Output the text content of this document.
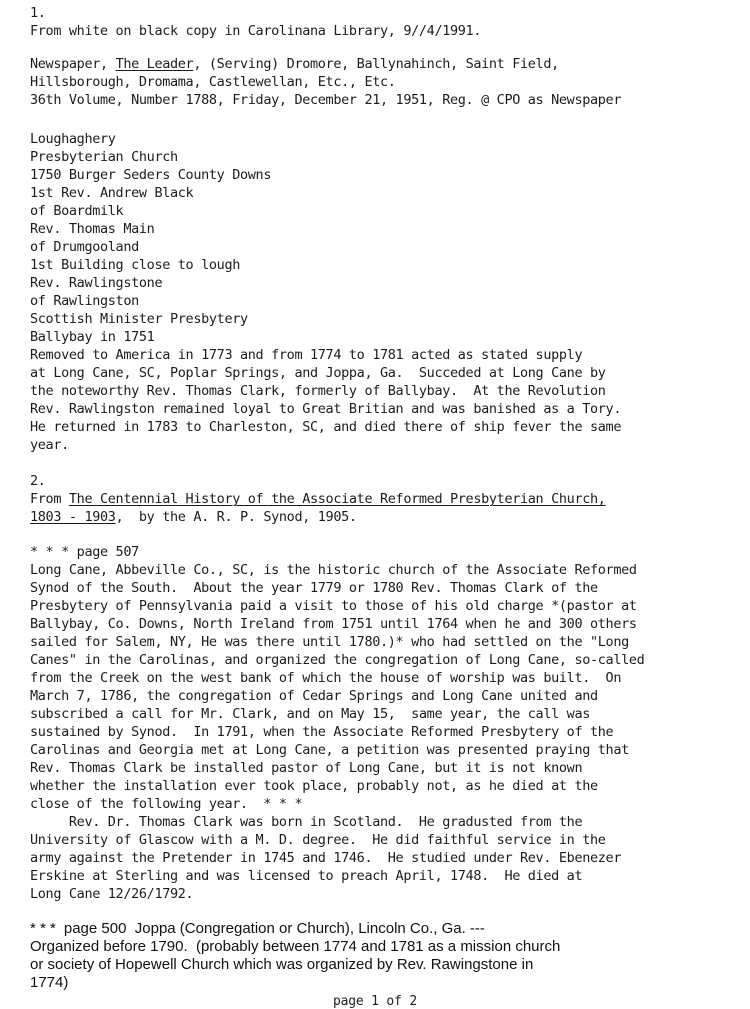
1.
From white on black copy in Carolinana Library, 9//4/1991.
Newspaper, The Leader, (Serving) Dromore, Ballynahinch, Saint Field,
Hillsborough, Dromama, Castlewellan, Etc., Etc.
36th Volume, Number 1788, Friday, December 21, 1951, Reg. @ CPO as Newspaper
Loughaghery
Presbyterian Church
1750 Burger Seders County Downs
1st Rev. Andrew Black
of Boardmilk
Rev. Thomas Main
of Drumgooland
1st Building close to lough
Rev. Rawlingstone
of Rawlingston
Scottish Minister Presbytery
Ballybay in 1751
Removed to America in 1773 and from 1774 to 1781 acted as stated supply
at Long Cane, SC, Poplar Springs, and Joppa, Ga.  Succeded at Long Cane by
the noteworthy Rev. Thomas Clark, formerly of Ballybay.  At the Revolution
Rev. Rawlingston remained loyal to Great Britian and was banished as a Tory.
He returned in 1783 to Charleston, SC, and died there of ship fever the same
year.
2.
From The Centennial History of the Associate Reformed Presbyterian Church,
1803 - 1903,  by the A. R. P. Synod, 1905.
* * * page 507
Long Cane, Abbeville Co., SC, is the historic church of the Associate Reformed
Synod of the South.  About the year 1779 or 1780 Rev. Thomas Clark of the
Presbytery of Pennsylvania paid a visit to those of his old charge *(pastor at
Ballybay, Co. Downs, North Ireland from 1751 until 1764 when he and 300 others
sailed for Salem, NY, He was there until 1780.)* who had settled on the "Long
Canes" in the Carolinas, and organized the congregation of Long Cane, so-called
from the Creek on the west bank of which the house of worship was built.  On
March 7, 1786, the congregation of Cedar Springs and Long Cane united and
subscribed a call for Mr. Clark, and on May 15,  same year, the call was
sustained by Synod.  In 1791, when the Associate Reformed Presbytery of the
Carolinas and Georgia met at Long Cane, a petition was presented praying that
Rev. Thomas Clark be installed pastor of Long Cane, but it is not known
whether the installation ever took place, probably not, as he died at the
close of the following year.  * * *
Rev. Dr. Thomas Clark was born in Scotland.  He gradusted from the
University of Glascow with a M. D. degree.  He did faithful service in the
army against the Pretender in 1745 and 1746.  He studied under Rev. Ebenezer
Erskine at Sterling and was licensed to preach April, 1748.  He died at
Long Cane 12/26/1792.
* * * page 500  Joppa (Congregation or Church), Lincoln Co., Ga. ---
Organized before 1790.  (probably between 1774 and 1781 as a mission church
or society of Hopewell Church which was organized by Rev. Rawingstone in
1774)
page 1 of 2
